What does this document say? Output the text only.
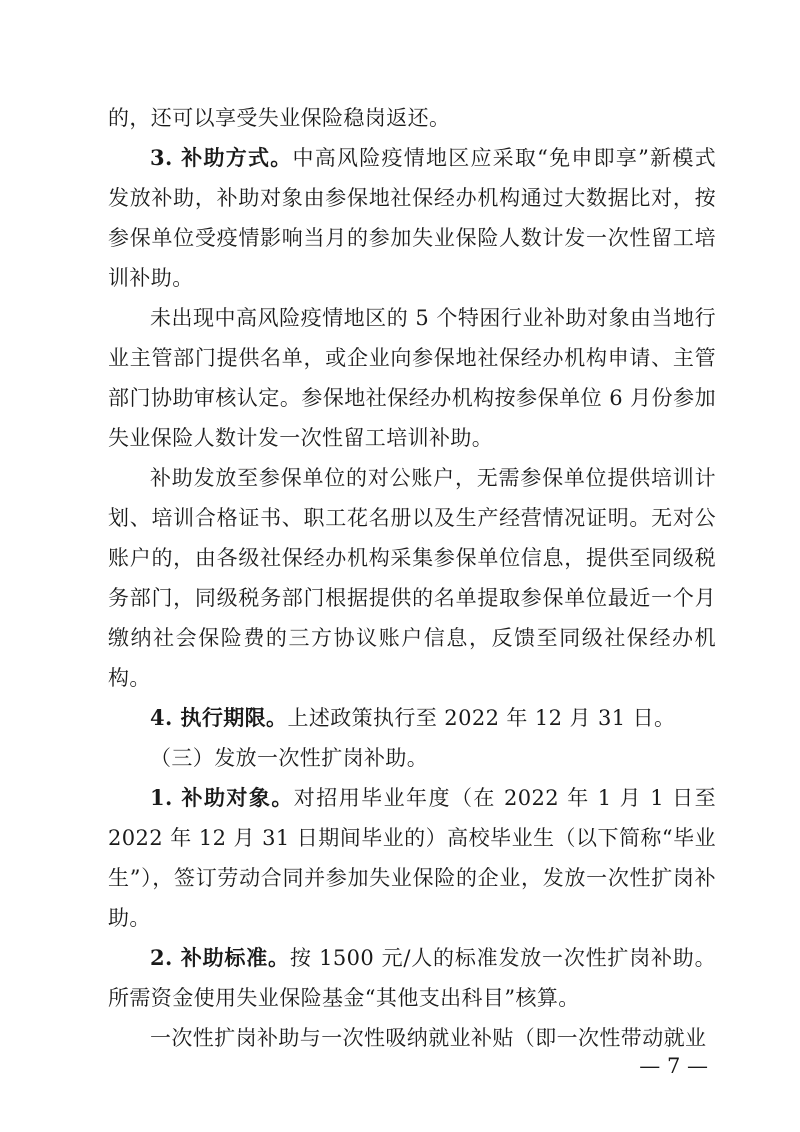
的，还可以享受失业保险稳岗返还。

3. 补助方式。中高风险疫情地区应采取“免申即享”新模式发放补助，补助对象由参保地社保经办机构通过大数据比对，按参保单位受疫情影响当月的参加失业保险人数计发一次性留工培训补助。

未出现中高风险疫情地区的 5 个特困行业补助对象由当地行业主管部门提供名单，或企业向参保地社保经办机构申请、主管部门协助审核认定。参保地社保经办机构按参保单位 6 月份参加失业保险人数计发一次性留工培训补助。

补助发放至参保单位的对公账户，无需参保单位提供培训计划、培训合格证书、职工花名册以及生产经营情况证明。无对公账户的，由各级社保经办机构采集参保单位信息，提供至同级税务部门，同级税务部门根据提供的名单提取参保单位最近一个月缴纳社会保险费的三方协议账户信息，反馈至同级社保经办机构。

4. 执行期限。上述政策执行至 2022 年 12 月 31 日。

（三）发放一次性扩岗补助。

1. 补助对象。对招用毕业年度（在 2022 年 1 月 1 日至 2022 年 12 月 31 日期间毕业的）高校毕业生（以下简称“毕业生”），签订劳动合同并参加失业保险的企业，发放一次性扩岗补助。

2. 补助标准。按 1500 元/人的标准发放一次性扩岗补助。所需资金使用失业保险基金“其他支出科目”核算。

一次性扩岗补助与一次性吸纳就业补贴（即一次性带动就业

— 7 —
